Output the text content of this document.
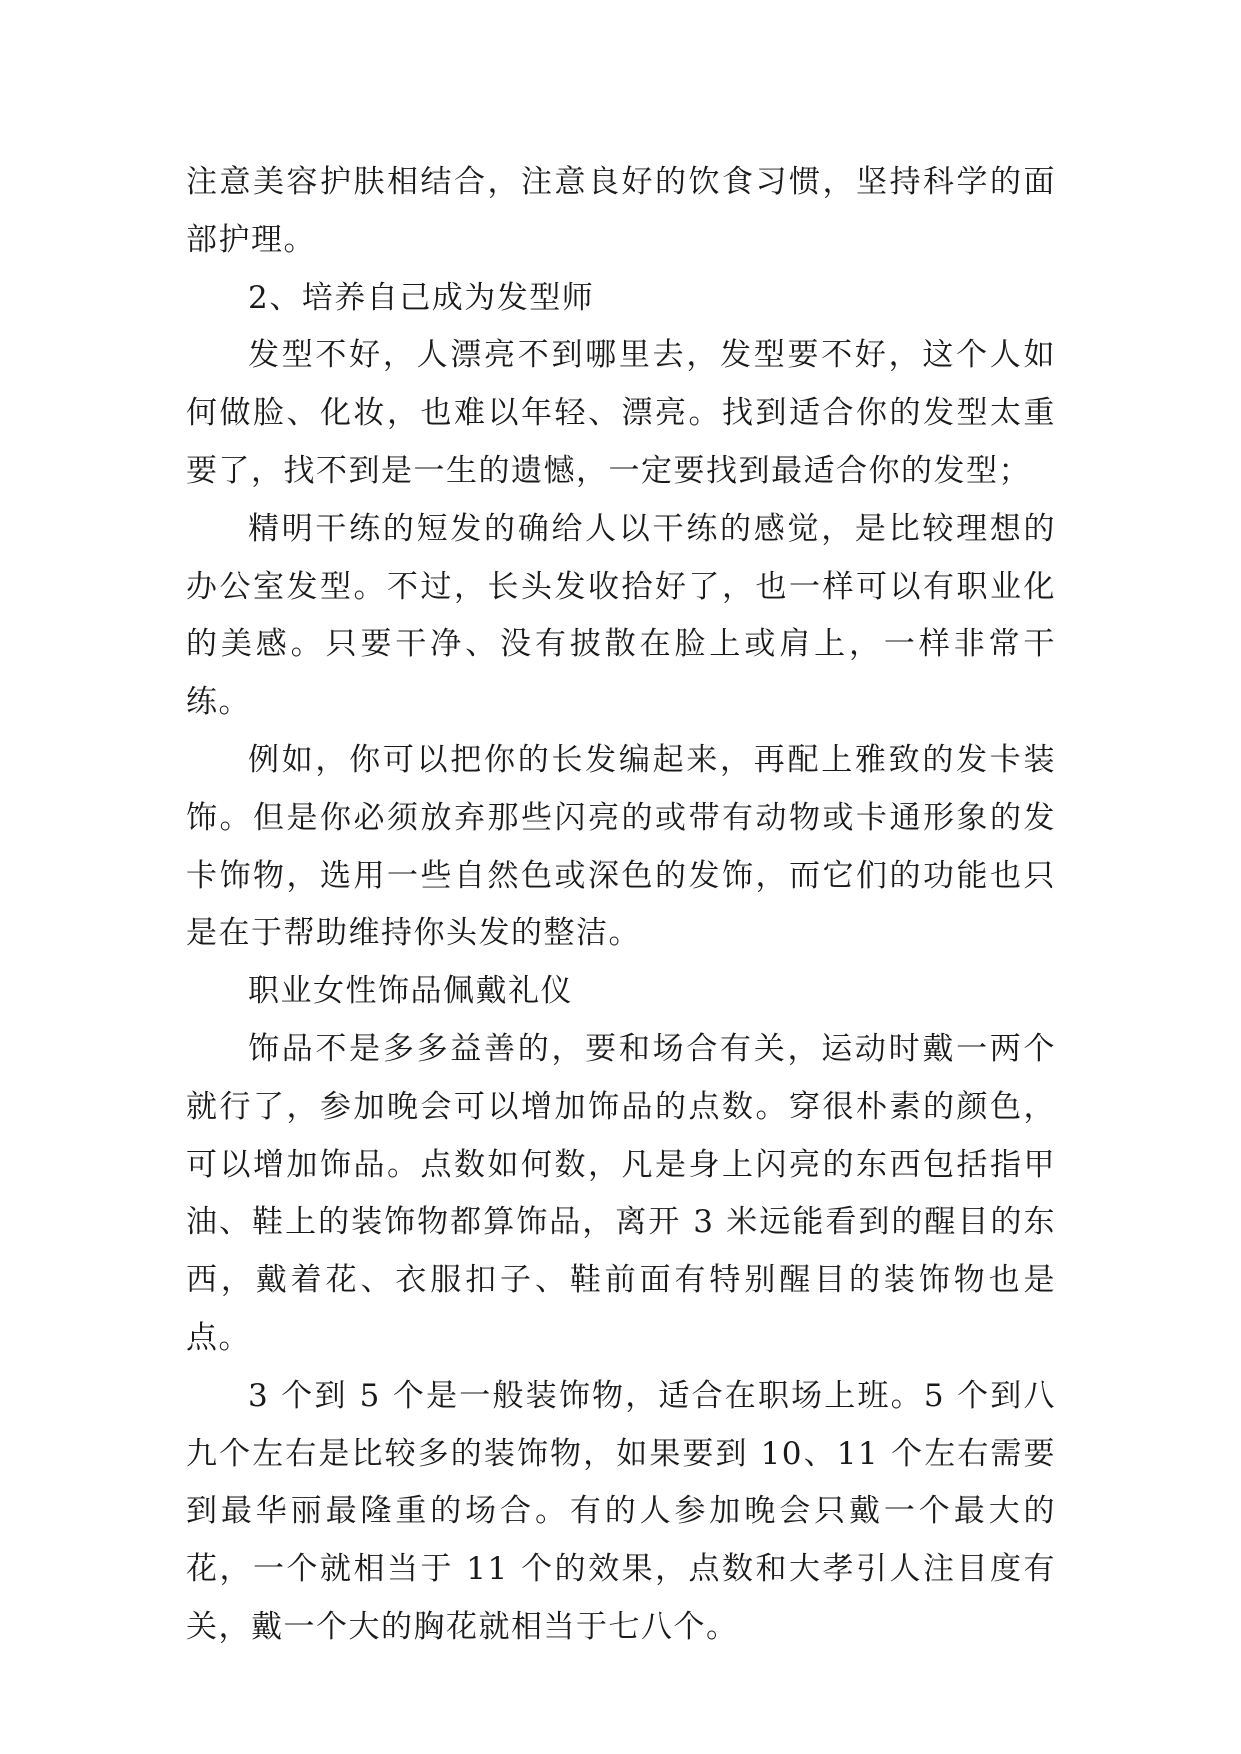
注意美容护肤相结合，注意良好的饮食习惯，坚持科学的面部护理。

2、培养自己成为发型师

发型不好，人漂亮不到哪里去，发型要不好，这个人如何做脸、化妆，也难以年轻、漂亮。找到适合你的发型太重要了，找不到是一生的遗憾，一定要找到最适合你的发型；

精明干练的短发的确给人以干练的感觉，是比较理想的办公室发型。不过，长头发收拾好了，也一样可以有职业化的美感。只要干净、没有披散在脸上或肩上，一样非常干练。

例如，你可以把你的长发编起来，再配上雅致的发卡装饰。但是你必须放弃那些闪亮的或带有动物或卡通形象的发卡饰物，选用一些自然色或深色的发饰，而它们的功能也只是在于帮助维持你头发的整洁。

职业女性饰品佩戴礼仪

饰品不是多多益善的，要和场合有关，运动时戴一两个就行了，参加晚会可以增加饰品的点数。穿很朴素的颜色，可以增加饰品。点数如何数，凡是身上闪亮的东西包括指甲油、鞋上的装饰物都算饰品，离开 3 米远能看到的醒目的东西，戴着花、衣服扣子、鞋前面有特别醒目的装饰物也是点。

3 个到 5 个是一般装饰物，适合在职场上班。5 个到八九个左右是比较多的装饰物，如果要到 10、11 个左右需要到最华丽最隆重的场合。有的人参加晚会只戴一个最大的花，一个就相当于 11 个的效果，点数和大孝引人注目度有关，戴一个大的胸花就相当于七八个。
